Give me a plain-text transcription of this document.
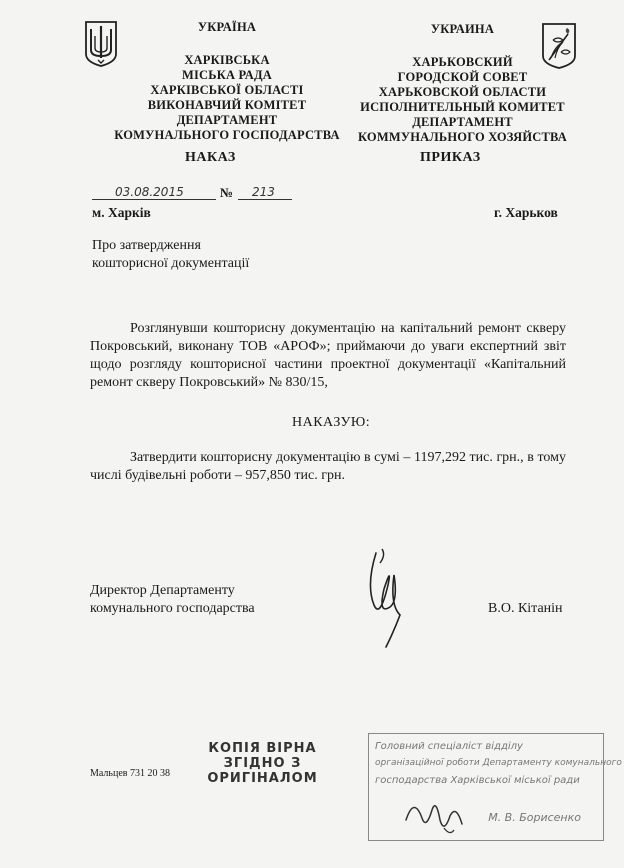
УКРАЇНА
ХАРКІВСЬКА
МІСЬКА РАДА
ХАРКІВСЬКОЇ ОБЛАСТІ
ВИКОНАВЧИЙ КОМІТЕТ
ДЕПАРТАМЕНТ
КОМУНАЛЬНОГО ГОСПОДАРСТВА
УКРАИНА
ХАРЬКОВСКИЙ
ГОРОДСКОЙ СОВЕТ
ХАРЬКОВСКОЙ ОБЛАСТИ
ИСПОЛНИТЕЛЬНЫЙ КОМИТЕТ
ДЕПАРТАМЕНТ
КОММУНАЛЬНОГО ХОЗЯЙСТВА
НАКАЗ	ПРИКАЗ
03.08.2015	№ 213
м. Харків	г. Харьков
Про затвердження
кошторисної документації
Розглянувши кошторисну документацію на капітальний ремонт скверу Покровський, виконану ТОВ «АРОФ»; приймаючи до уваги експертний звіт щодо розгляду кошторисної частини проектної документації «Капітальний ремонт скверу Покровський» № 830/15,
НАКАЗУЮ:
Затвердити кошторисну документацію в сумі – 1197,292 тис. грн., в тому числі будівельні роботи – 957,850 тис. грн.
Директор Департаменту
комунального господарства	В.О. Кітанін
КОПІЯ ВІРНА
ЗГІДНО З
ОРИГІНАЛОМ
Мальцев 731 20 38
Головний спеціаліст відділу
організаційної роботи Департаменту комунального
господарства Харківської міської ради
М. В. Борисенко
